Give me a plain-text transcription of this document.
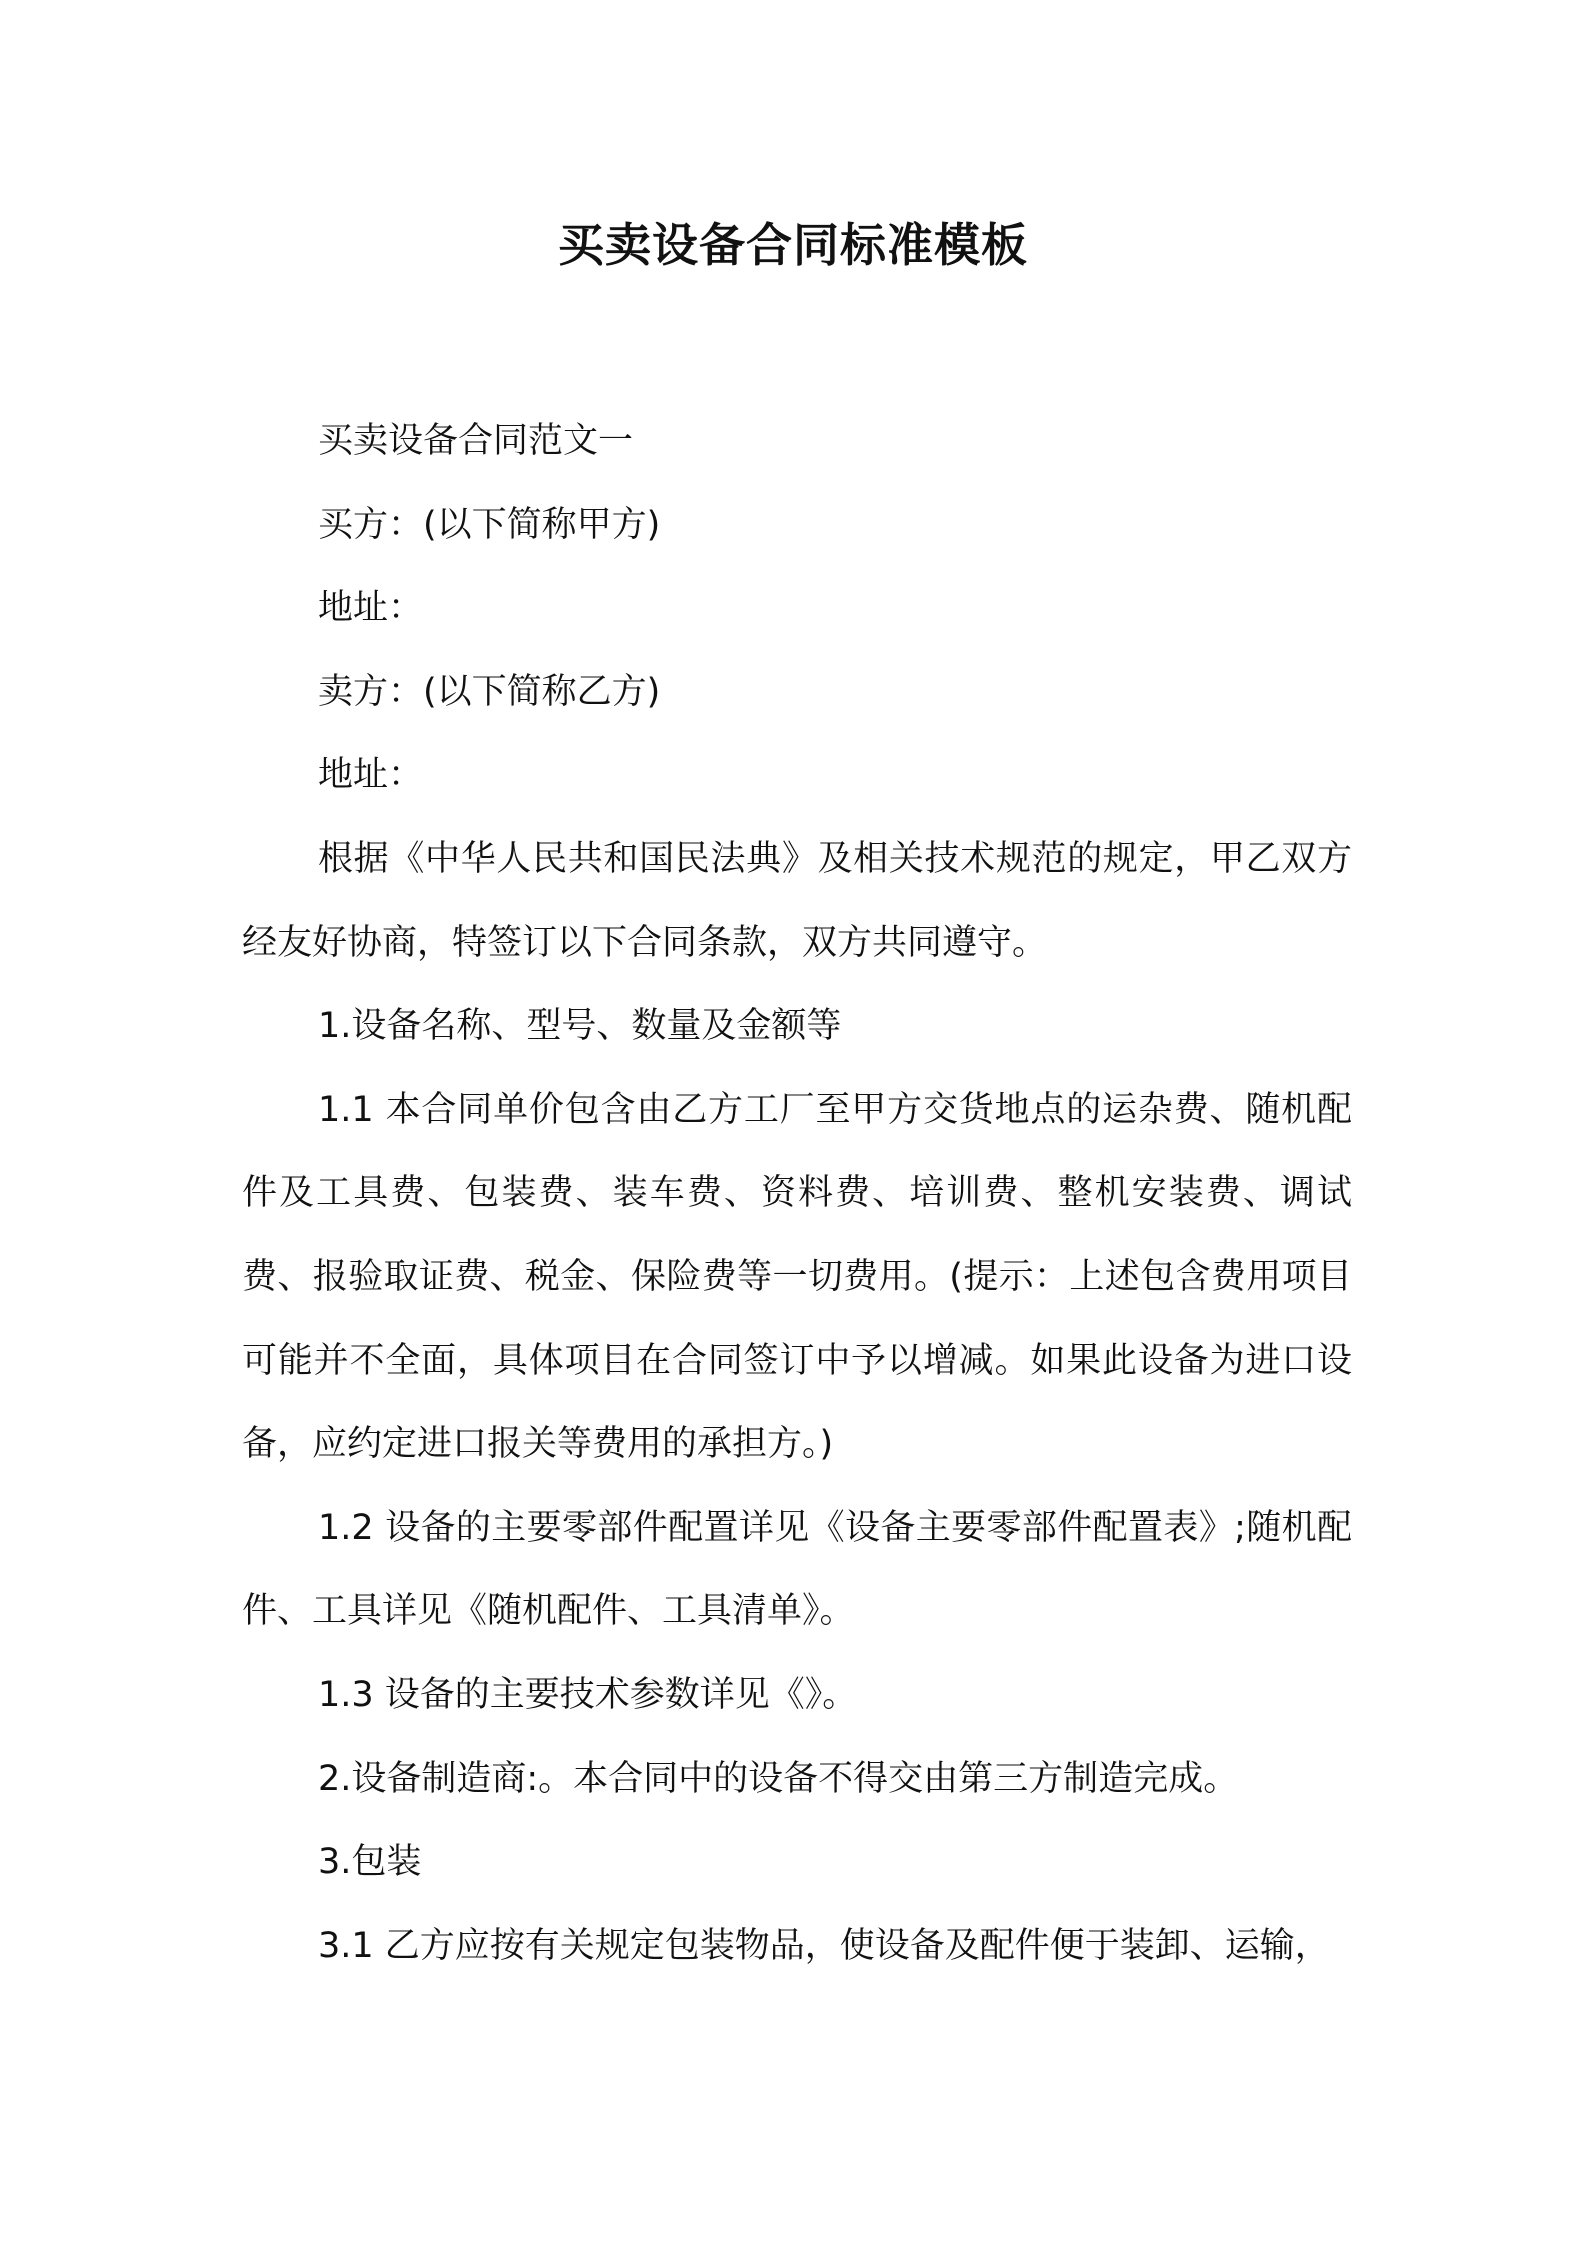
买卖设备合同标准模板

买卖设备合同范文一

买方：(以下简称甲方)

地址：

卖方：(以下简称乙方)

地址：

根据《中华人民共和国民法典》及相关技术规范的规定，甲乙双方经友好协商，特签订以下合同条款，双方共同遵守。

1.设备名称、型号、数量及金额等

1.1 本合同单价包含由乙方工厂至甲方交货地点的运杂费、随机配件及工具费、包装费、装车费、资料费、培训费、整机安装费、调试费、报验取证费、税金、保险费等一切费用。(提示：上述包含费用项目可能并不全面，具体项目在合同签订中予以增减。如果此设备为进口设备，应约定进口报关等费用的承担方。)

1.2 设备的主要零部件配置详见《设备主要零部件配置表》;随机配件、工具详见《随机配件、工具清单》。

1.3 设备的主要技术参数详见《》。

2.设备制造商:。本合同中的设备不得交由第三方制造完成。

3.包装

3.1 乙方应按有关规定包装物品，使设备及配件便于装卸、运输，
